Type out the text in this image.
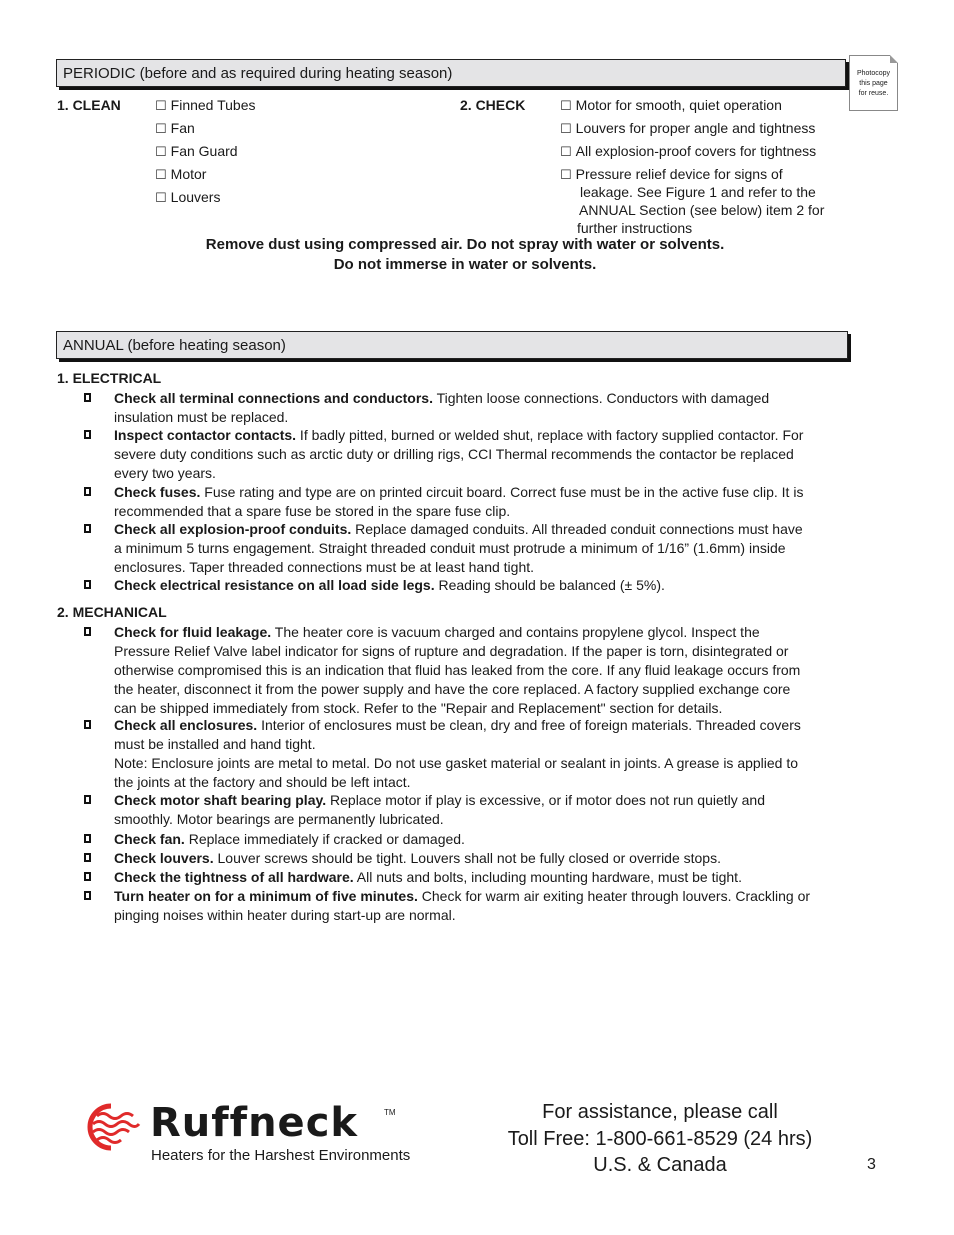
Photocopy
this page
for reuse.
PERIODIC (before and as required during heating season)
1. CLEAN	☐ Finned Tubes
☐ Fan
☐ Fan Guard
☐ Motor
☐ Louvers
2. CHECK	☐ Motor for smooth, quiet operation
☐ Louvers for proper angle and tightness
☐ All explosion-proof covers for tightness
☐ Pressure relief device for signs of
leakage. See Figure 1 and refer to the
ANNUAL Section (see below) item 2 for
further instructions
Remove dust using compressed air. Do not spray with water or solvents.
Do not immerse in water or solvents.
ANNUAL (before heating season)
1. ELECTRICAL
Check all terminal connections and conductors. Tighten loose connections. Conductors with damaged
insulation must be replaced.
Inspect contactor contacts. If badly pitted, burned or welded shut, replace with factory supplied contactor. For
severe duty conditions such as arctic duty or drilling rigs, CCI Thermal recommends the contactor be replaced
every two years.
Check fuses. Fuse rating and type are on printed circuit board. Correct fuse must be in the active fuse clip. It is
recommended that a spare fuse be stored in the spare fuse clip.
Check all explosion-proof conduits. Replace damaged conduits. All threaded conduit connections must have
a minimum 5 turns engagement. Straight threaded conduit must protrude a minimum of 1/16” (1.6mm) inside
enclosures. Taper threaded connections must be at least hand tight.
Check electrical resistance on all load side legs. Reading should be balanced (± 5%).
2. MECHANICAL
Check for fluid leakage. The heater core is vacuum charged and contains propylene glycol. Inspect the
Pressure Relief Valve label indicator for signs of rupture and degradation. If the paper is torn, disintegrated or
otherwise compromised this is an indication that fluid has leaked from the core. If any fluid leakage occurs from
the heater, disconnect it from the power supply and have the core replaced. A factory supplied exchange core
can be shipped immediately from stock. Refer to the "Repair and Replacement" section for details.
Check all enclosures. Interior of enclosures must be clean, dry and free of foreign materials. Threaded covers
must be installed and hand tight.
Note: Enclosure joints are metal to metal. Do not use gasket material or sealant in joints. A grease is applied to
the joints at the factory and should be left intact.
Check motor shaft bearing play. Replace motor if play is excessive, or if motor does not run quietly and
smoothly. Motor bearings are permanently lubricated.
Check fan. Replace immediately if cracked or damaged.
Check louvers. Louver screws should be tight. Louvers shall not be fully closed or override stops.
Check the tightness of all hardware. All nuts and bolts, including mounting hardware, must be tight.
Turn heater on for a minimum of five minutes. Check for warm air exiting heater through louvers. Crackling or
pinging noises within heater during start-up are normal.
Ruffneck	TM
Heaters for the Harshest Environments
For assistance, please call
Toll Free: 1-800-661-8529 (24 hrs)
U.S. & Canada	3
